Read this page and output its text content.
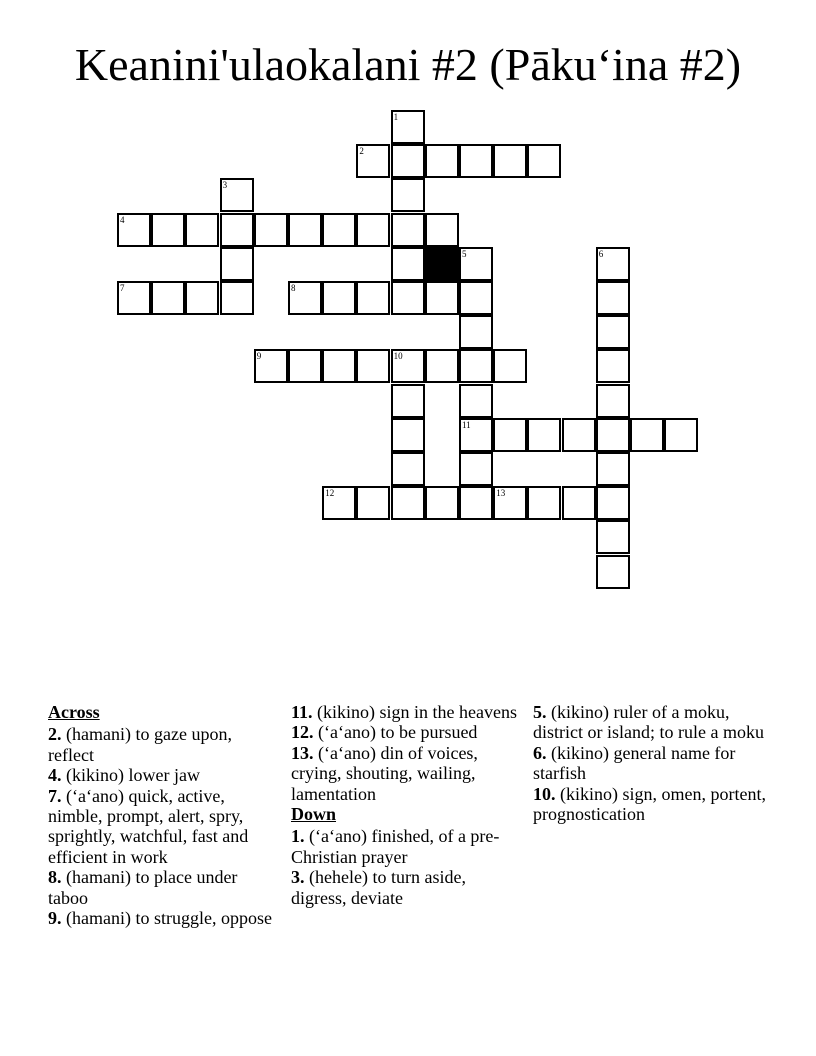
Keanini'ulaokalani #2 (Pākuʻina #2)
2
4
7	8
9	10
11
12	13
1
3
5	6
Across
2. (hamani) to gaze upon, reflect
4. (kikino) lower jaw
7. (ʻaʻano) quick, active, nimble, prompt, alert, spry, sprightly, watchful, fast and efficient in work
8. (hamani) to place under taboo
9. (hamani) to struggle, oppose
11. (kikino) sign in the heavens
12. (ʻaʻano) to be pursued
13. (ʻaʻano) din of voices, crying, shouting, wailing, lamentation
Down
1. (ʻaʻano) finished, of a pre-Christian prayer
3. (hehele) to turn aside, digress, deviate
5. (kikino) ruler of a moku, district or island; to rule a moku
6. (kikino) general name for starfish
10. (kikino) sign, omen, portent, prognostication
